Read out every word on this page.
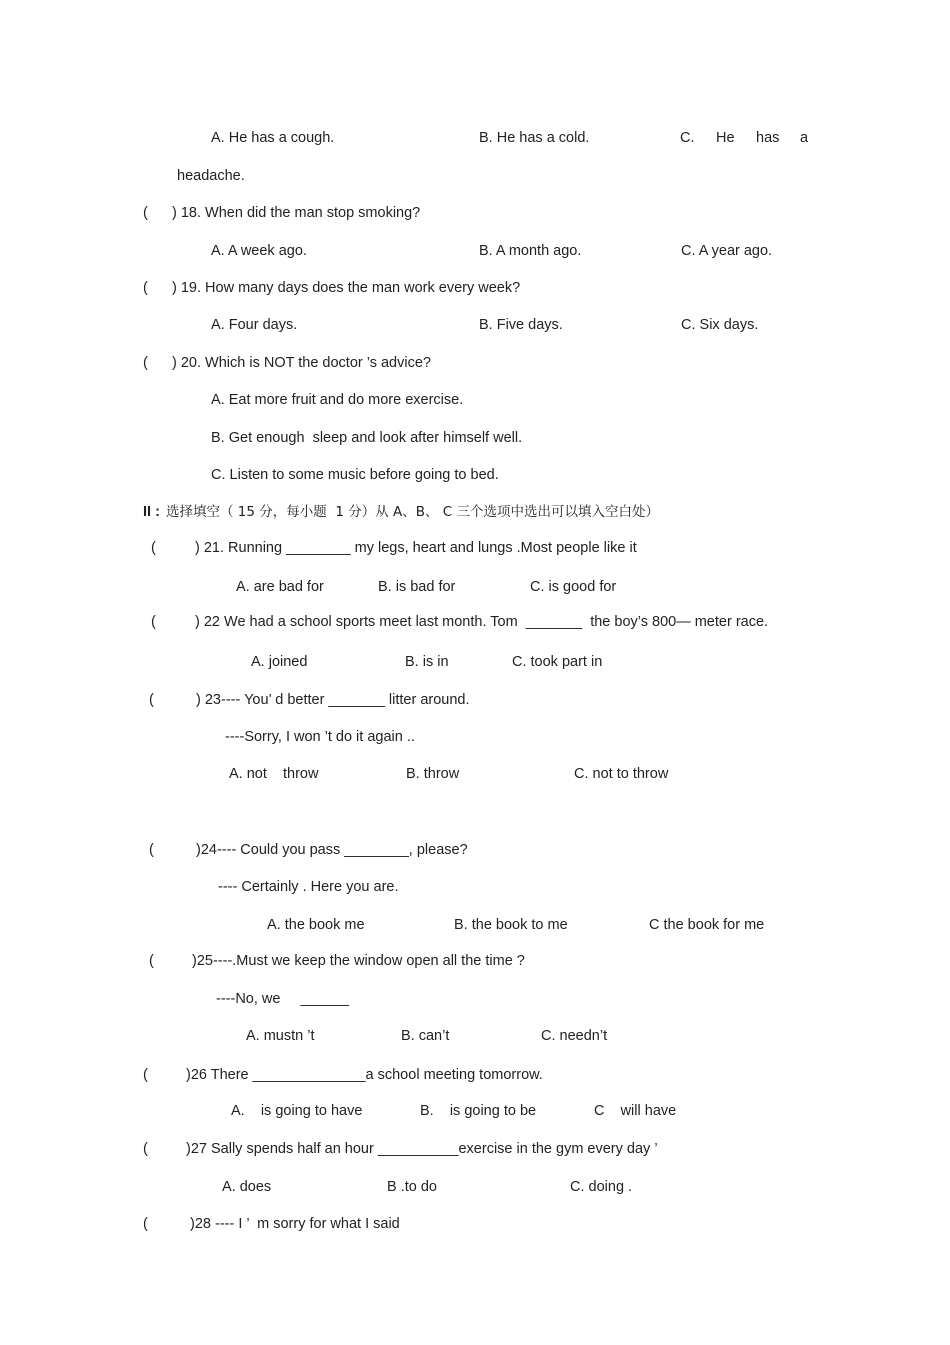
A. He has a cough.	B. He has a cold.	C. He has a
headache.
( ) 18. When did the man stop smoking?
A. A week ago.	B. A month ago.	C. A year ago.
( ) 19. How many days does the man work every week?
A. Four days.	B. Five days.	C. Six days.
( ) 20. Which is NOT the doctor ’s advice?
A. Eat more fruit and do more exercise.
B. Get enough  sleep and look after himself well.
C. Listen to some music before going to bed.
II : 选择填空（ 15 分，每小题  1 分）从 A、B、 C 三个选项中选出可以填入空白处）
(	) 21. Running ________ my legs, heart and lungs .Most people like it
A. are bad for	B. is bad for	C. is good for
(	) 22 We had a school sports meet last month. Tom  _______  the boy’s 800— meter race.
A. joined	B. is in	C. took part in
(	) 23---- You’ d better _______ litter around.
----Sorry, I won ’t do it again ..
A. not    throw	B. throw	C. not to throw
(	)24---- Could you pass ________, please?
---- Certainly . Here you are.
A. the book me	B. the book to me	C the book for me
(	)25----.Must we keep the window open all the time ?
----No, we     ______
A. mustn ’t	B. can’t	C. needn’t
(	)26 There ______________a school meeting tomorrow.
A.    is going to have	B.    is going to be	C    will have
(	)27 Sally spends half an hour __________exercise in the gym every day ’
A. does	B .to do	C. doing .
(	)28 ---- I ’  m sorry for what I said
